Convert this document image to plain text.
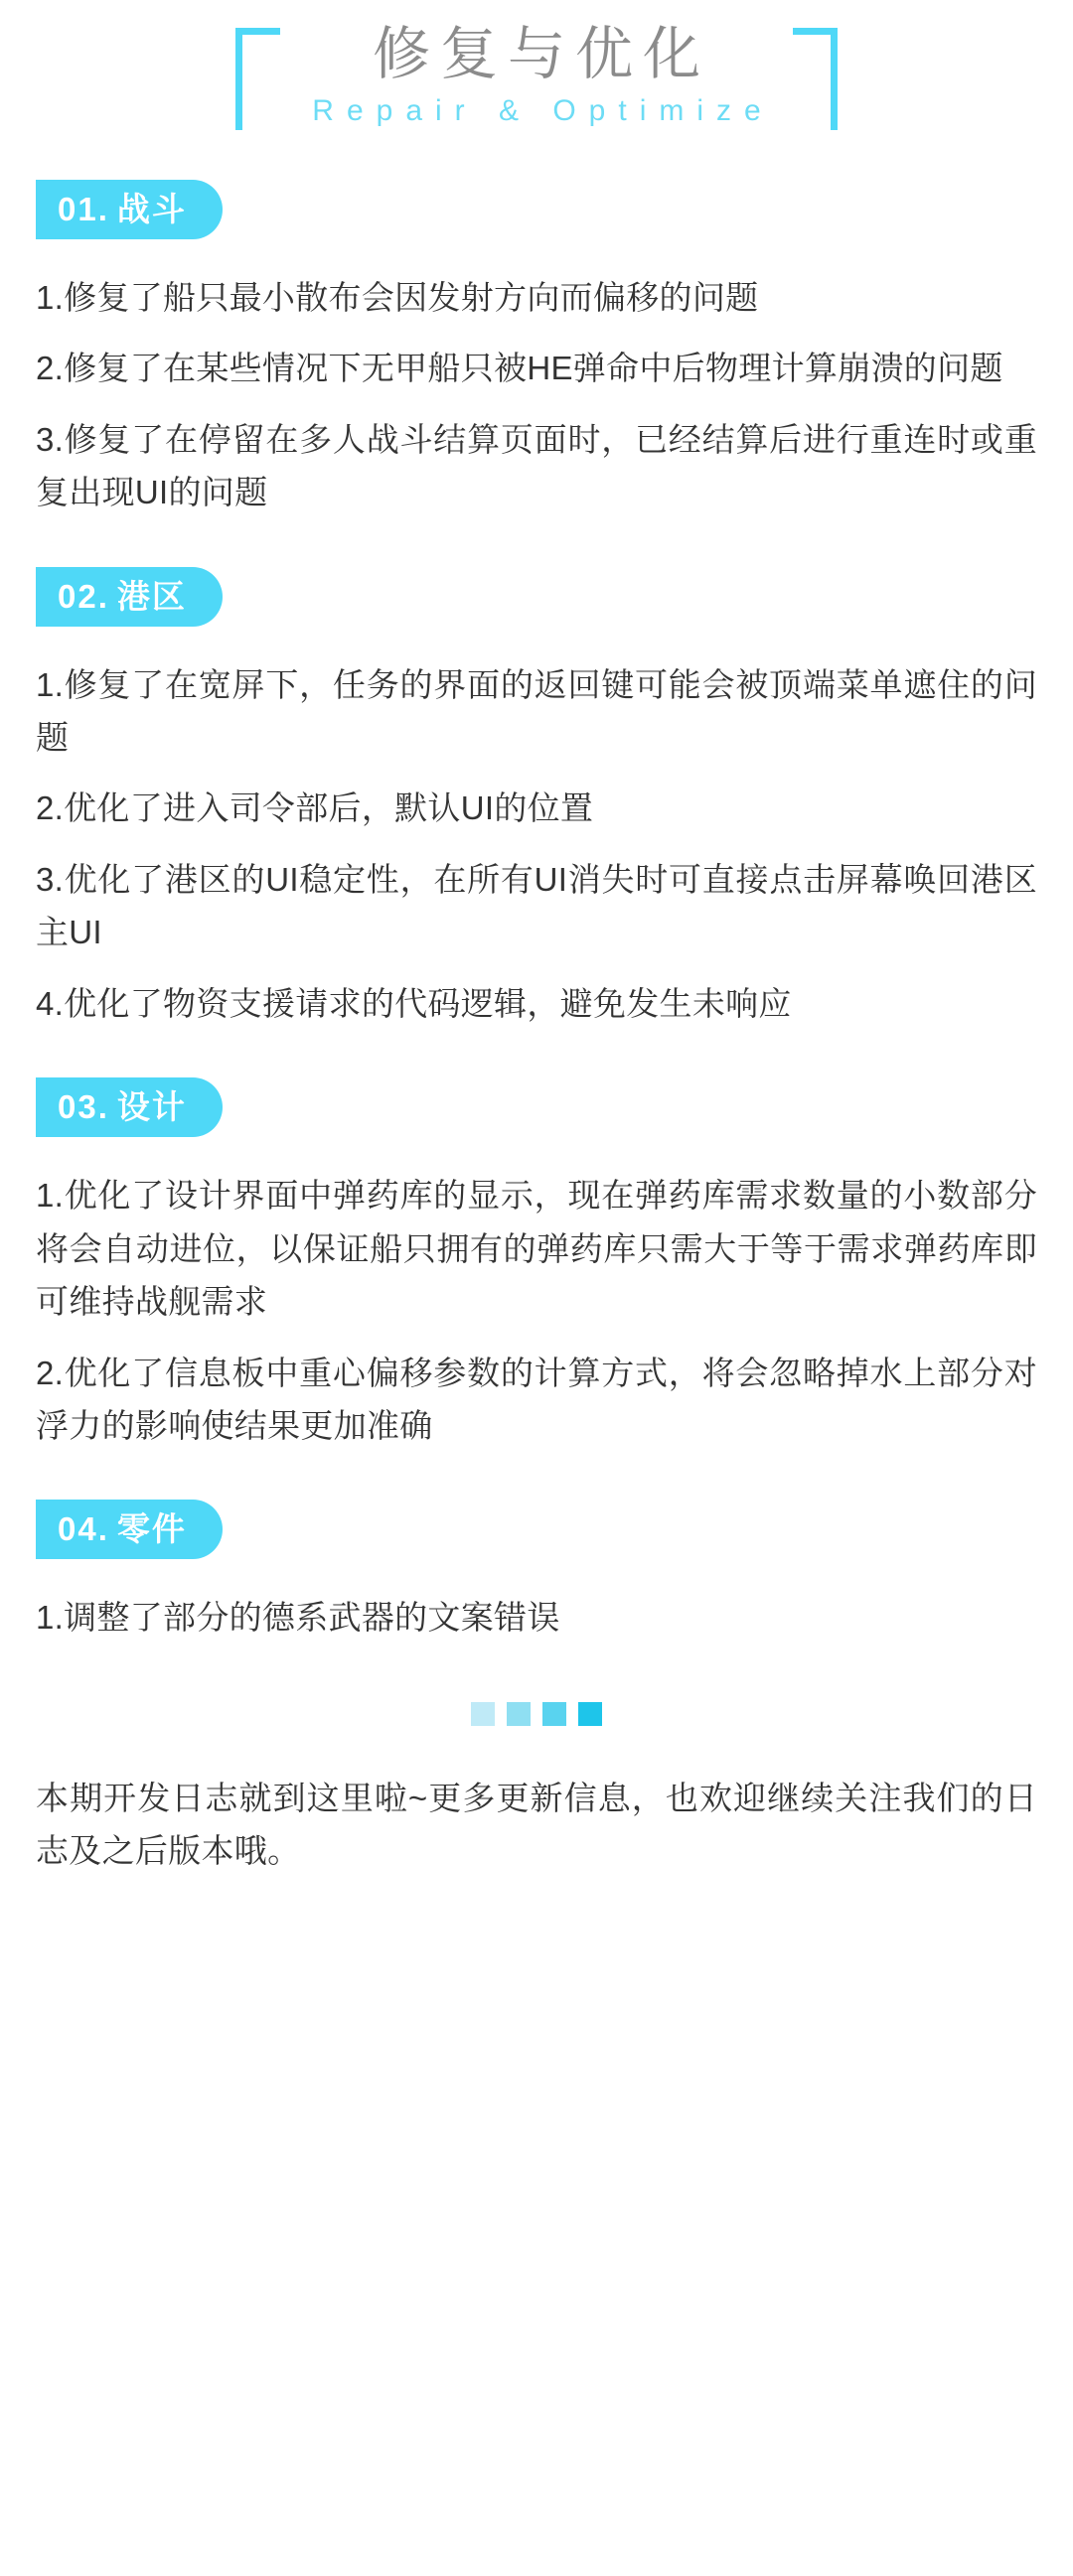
修复与优化
Repair & Optimize
01. 战斗

1.修复了船只最小散布会因发射方向而偏移的问题

2.修复了在某些情况下无甲船只被HE弹命中后物理计算崩溃的问题

3.修复了在停留在多人战斗结算页面时，已经结算后进行重连时或重复出现UI的问题

02. 港区

1.修复了在宽屏下，任务的界面的返回键可能会被顶端菜单遮住的问题

2.优化了进入司令部后，默认UI的位置

3.优化了港区的UI稳定性，在所有UI消失时可直接点击屏幕唤回港区主UI

4.优化了物资支援请求的代码逻辑，避免发生未响应

03. 设计

1.优化了设计界面中弹药库的显示，现在弹药库需求数量的小数部分将会自动进位，以保证船只拥有的弹药库只需大于等于需求弹药库即可维持战舰需求

2.优化了信息板中重心偏移参数的计算方式，将会忽略掉水上部分对浮力的影响使结果更加准确

04. 零件

1.调整了部分的德系武器的文案错误

本期开发日志就到这里啦~更多更新信息，也欢迎继续关注我们的日志及之后版本哦。
